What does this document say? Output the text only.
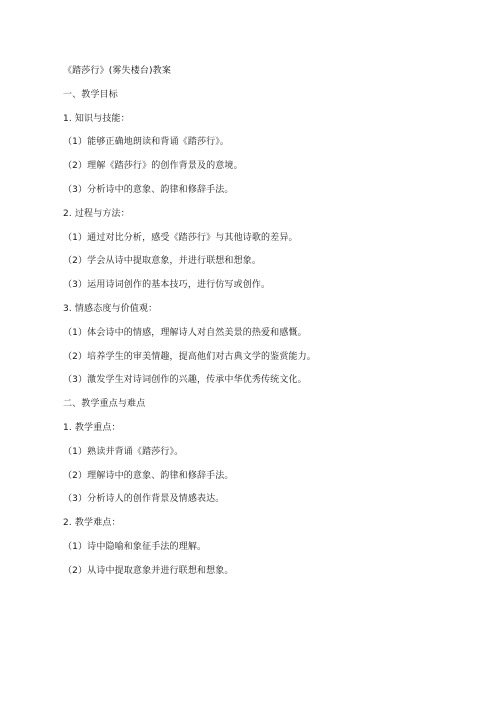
《踏莎行》(雾失楼台)教案
一、教学目标
1. 知识与技能：
（1）能够正确地朗读和背诵《踏莎行》。
（2）理解《踏莎行》的创作背景及的意境。
（3）分析诗中的意象、韵律和修辞手法。
2. 过程与方法：
（1）通过对比分析，感受《踏莎行》与其他诗歌的差异。
（2）学会从诗中提取意象，并进行联想和想象。
（3）运用诗词创作的基本技巧，进行仿写或创作。
3. 情感态度与价值观：
（1）体会诗中的情感，理解诗人对自然美景的热爱和感慨。
（2）培养学生的审美情趣，提高他们对古典文学的鉴赏能力。
（3）激发学生对诗词创作的兴趣，传承中华优秀传统文化。
二、教学重点与难点
1. 教学重点：
（1）熟读并背诵《踏莎行》。
（2）理解诗中的意象、韵律和修辞手法。
（3）分析诗人的创作背景及情感表达。
2. 教学难点：
（1）诗中隐喻和象征手法的理解。
（2）从诗中提取意象并进行联想和想象。
